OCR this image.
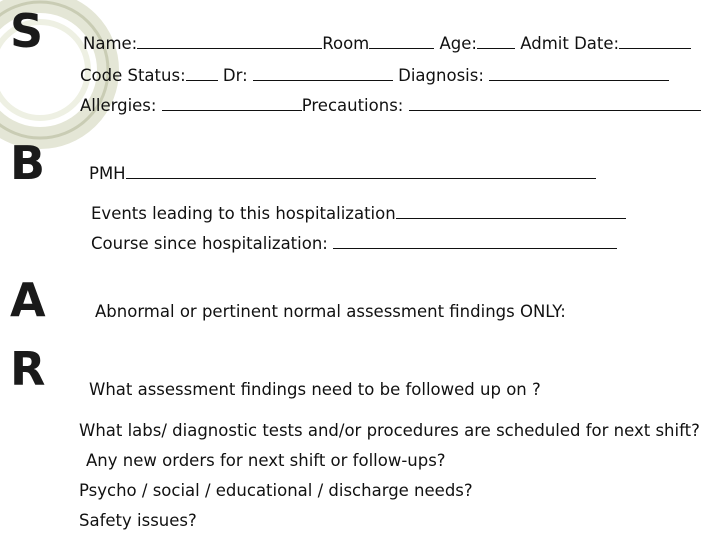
S
B
A
R
Name:	Room	Age:	Admit Date:
Code Status: Dr:	Diagnosis:
Allergies:	Precautions:
PMH
Events leading to this hospitalization
Course since hospitalization:
Abnormal or pertinent normal assessment findings ONLY:
What assessment findings need to be followed up on ?
What labs/ diagnostic tests and/or procedures are scheduled for next shift?
Any new orders for next shift or follow-ups?
Psycho / social / educational / discharge needs?
Safety issues?
